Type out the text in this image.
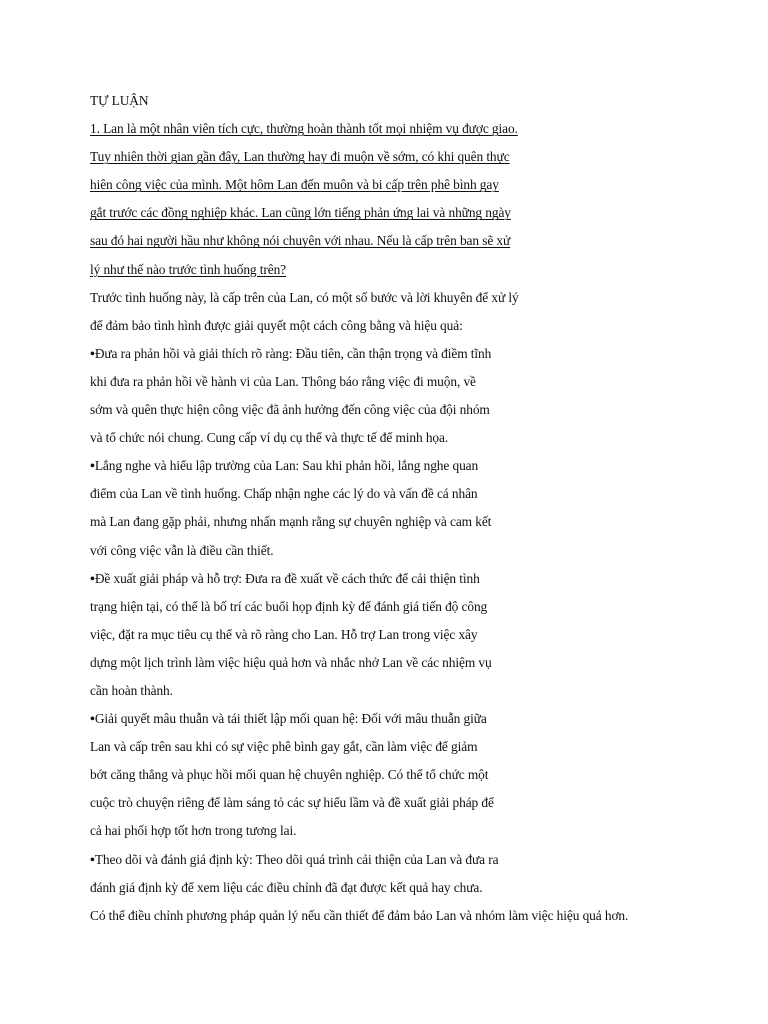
TỰ LUẬN
1. Lan là một nhân viên tích cực, thường hoàn thành tốt mọi nhiệm vụ được giao.
Tuy nhiên thời gian gần đây, Lan thường hay đi muộn về sớm, có khi quên thực
hiên công việc của mình. Một hôm Lan đến muôn và bi cấp trên phê bình gay
gắt trước các đồng nghiệp khác. Lan cũng lớn tiếng phản ứng lai và những ngày
sau đó hai người hầu như không nói chuyên với nhau. Nếu là cấp trên ban sẽ xử
lý như thế nào trước tình huống trên?
Trước tình huống này, là cấp trên của Lan, có một số bước và lời khuyên để xử lý
để đảm bảo tình hình được giải quyết một cách công bằng và hiệu quả:
•Đưa ra phản hồi và giải thích rõ ràng: Đầu tiên, cần thận trọng và điềm tĩnh
khi đưa ra phản hồi về hành vi của Lan. Thông báo rằng việc đi muộn, về
sớm và quên thực hiện công việc đã ảnh hưởng đến công việc của đội nhóm
và tổ chức nói chung. Cung cấp ví dụ cụ thể và thực tế để minh họa.
•Lắng nghe và hiểu lập trường của Lan: Sau khi phản hồi, lắng nghe quan
điểm của Lan về tình huống. Chấp nhận nghe các lý do và vấn đề cá nhân
mà Lan đang gặp phải, nhưng nhấn mạnh rằng sự chuyên nghiệp và cam kết
với công việc vẫn là điều cần thiết.
•Đề xuất giải pháp và hỗ trợ: Đưa ra đề xuất về cách thức để cải thiện tình
trạng hiện tại, có thể là bố trí các buổi họp định kỳ để đánh giá tiến độ công
việc, đặt ra mục tiêu cụ thể và rõ ràng cho Lan. Hỗ trợ Lan trong việc xây
dựng một lịch trình làm việc hiệu quả hơn và nhắc nhở Lan về các nhiệm vụ
cần hoàn thành.
•Giải quyết mâu thuẫn và tái thiết lập mối quan hệ: Đối với mâu thuẫn giữa
Lan và cấp trên sau khi có sự việc phê bình gay gắt, cần làm việc để giảm
bớt căng thẳng và phục hồi mối quan hệ chuyên nghiệp. Có thể tổ chức một
cuộc trò chuyện riêng để làm sáng tỏ các sự hiểu lầm và đề xuất giải pháp để
cả hai phối hợp tốt hơn trong tương lai.
•Theo dõi và đánh giá định kỳ: Theo dõi quá trình cải thiện của Lan và đưa ra
đánh giá định kỳ để xem liệu các điều chỉnh đã đạt được kết quả hay chưa.
Có thể điều chỉnh phương pháp quản lý nếu cần thiết để đảm bảo Lan và nhóm làm việc hiệu quả hơn.
